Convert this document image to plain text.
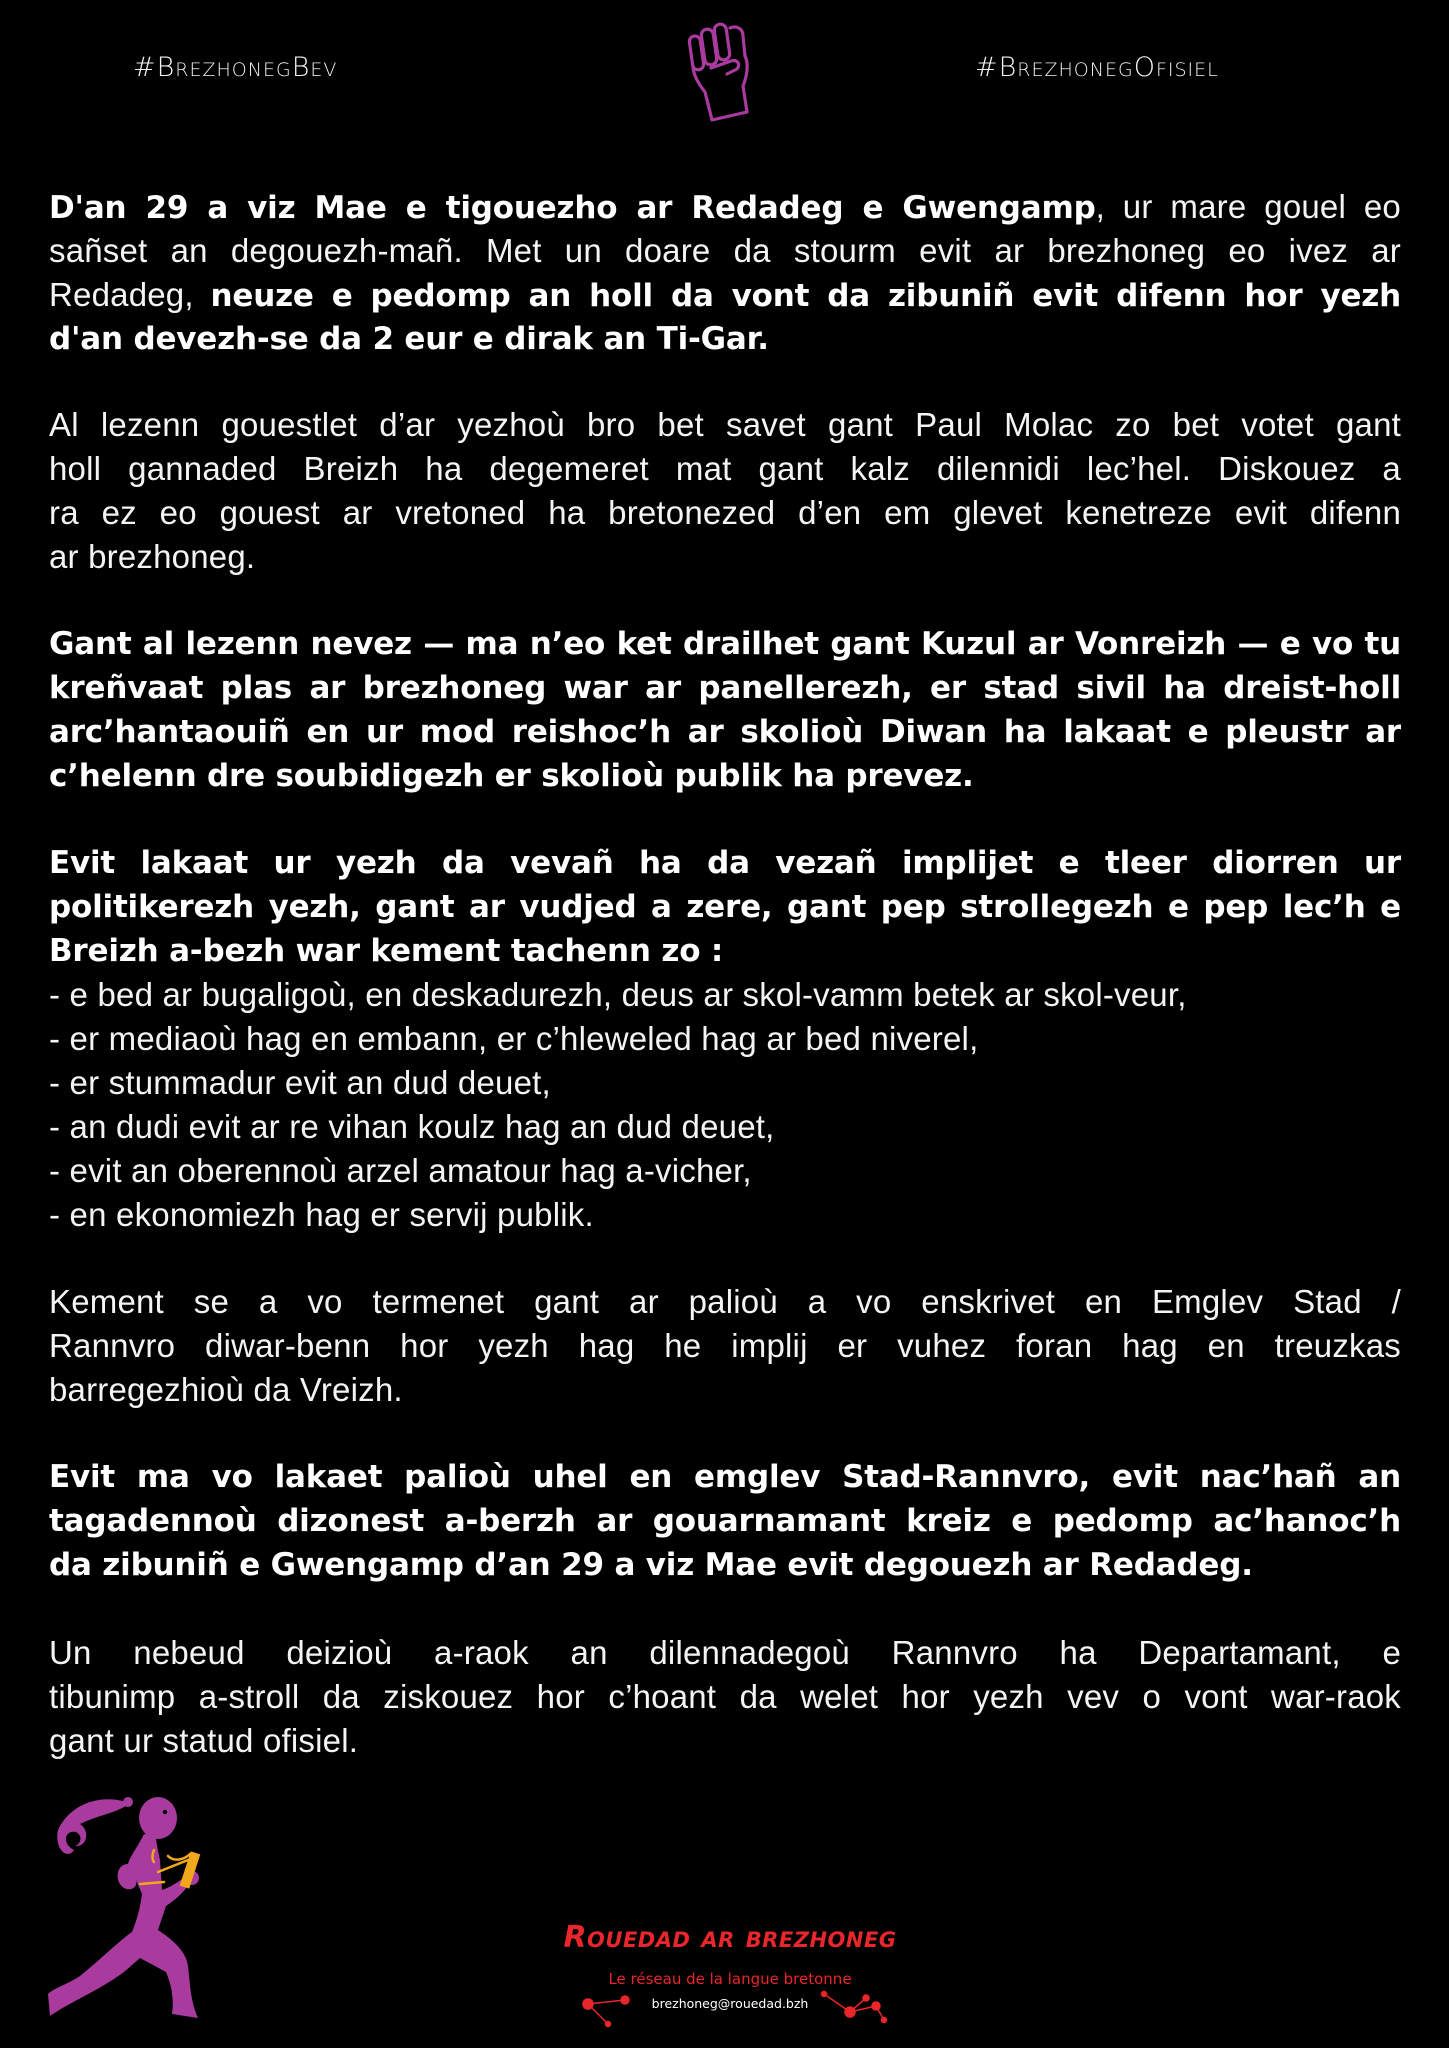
#BrezhonegBev	#BrezhonegOfisiel
D'an 29 a viz Mae e tigouezho ar Redadeg e Gwengamp, ur mare gouel eo
sañset an degouezh-mañ. Met un doare da stourm evit ar brezhoneg eo ivez ar
Redadeg, neuze e pedomp an holl da vont da zibuniñ evit difenn hor yezh
d'an devezh-se da 2 eur e dirak an Ti-Gar.
Al lezenn gouestlet d’ar yezhoù bro bet savet gant Paul Molac zo bet votet gant
holl gannaded Breizh ha degemeret mat gant kalz dilennidi lec’hel. Diskouez a
ra ez eo gouest ar vretoned ha bretonezed d’en em glevet kenetreze evit difenn
ar brezhoneg.
Gant al lezenn nevez — ma n’eo ket drailhet gant Kuzul ar Vonreizh — e vo tu
kreñvaat plas ar brezhoneg war ar panellerezh, er stad sivil ha dreist-holl
arc’hantaouiñ en ur mod reishoc’h ar skolioù Diwan ha lakaat e pleustr ar
c’helenn dre soubidigezh er skolioù publik ha prevez.
Evit lakaat ur yezh da vevañ ha da vezañ implijet e tleer diorren ur
politikerezh yezh, gant ar vudjed a zere, gant pep strollegezh e pep lec’h e
Breizh a-bezh war kement tachenn zo :
- e bed ar bugaligoù, en deskadurezh, deus ar skol-vamm betek ar skol-veur,
- er mediaoù hag en embann, er c’hleweled hag ar bed niverel,
- er stummadur evit an dud deuet,
- an dudi evit ar re vihan koulz hag an dud deuet,
- evit an oberennoù arzel amatour hag a-vicher,
- en ekonomiezh hag er servij publik.
Kement se a vo termenet gant ar palioù a vo enskrivet en Emglev Stad /
Rannvro diwar-benn hor yezh hag he implij er vuhez foran hag en treuzkas
barregezhioù da Vreizh.
Evit ma vo lakaet palioù uhel en emglev Stad-Rannvro, evit nac’hañ an
tagadennoù dizonest a-berzh ar gouarnamant kreiz e pedomp ac’hanoc’h
da zibuniñ e Gwengamp d’an 29 a viz Mae evit degouezh ar Redadeg.
Un nebeud deizioù a-raok an dilennadegoù Rannvro ha Departamant, e
tibunimp a-stroll da ziskouez hor c’hoant da welet hor yezh vev o vont war-raok
gant ur statud ofisiel.
Rouedad ar brezhoneg
Le réseau de la langue bretonne
brezhoneg@rouedad.bzh
